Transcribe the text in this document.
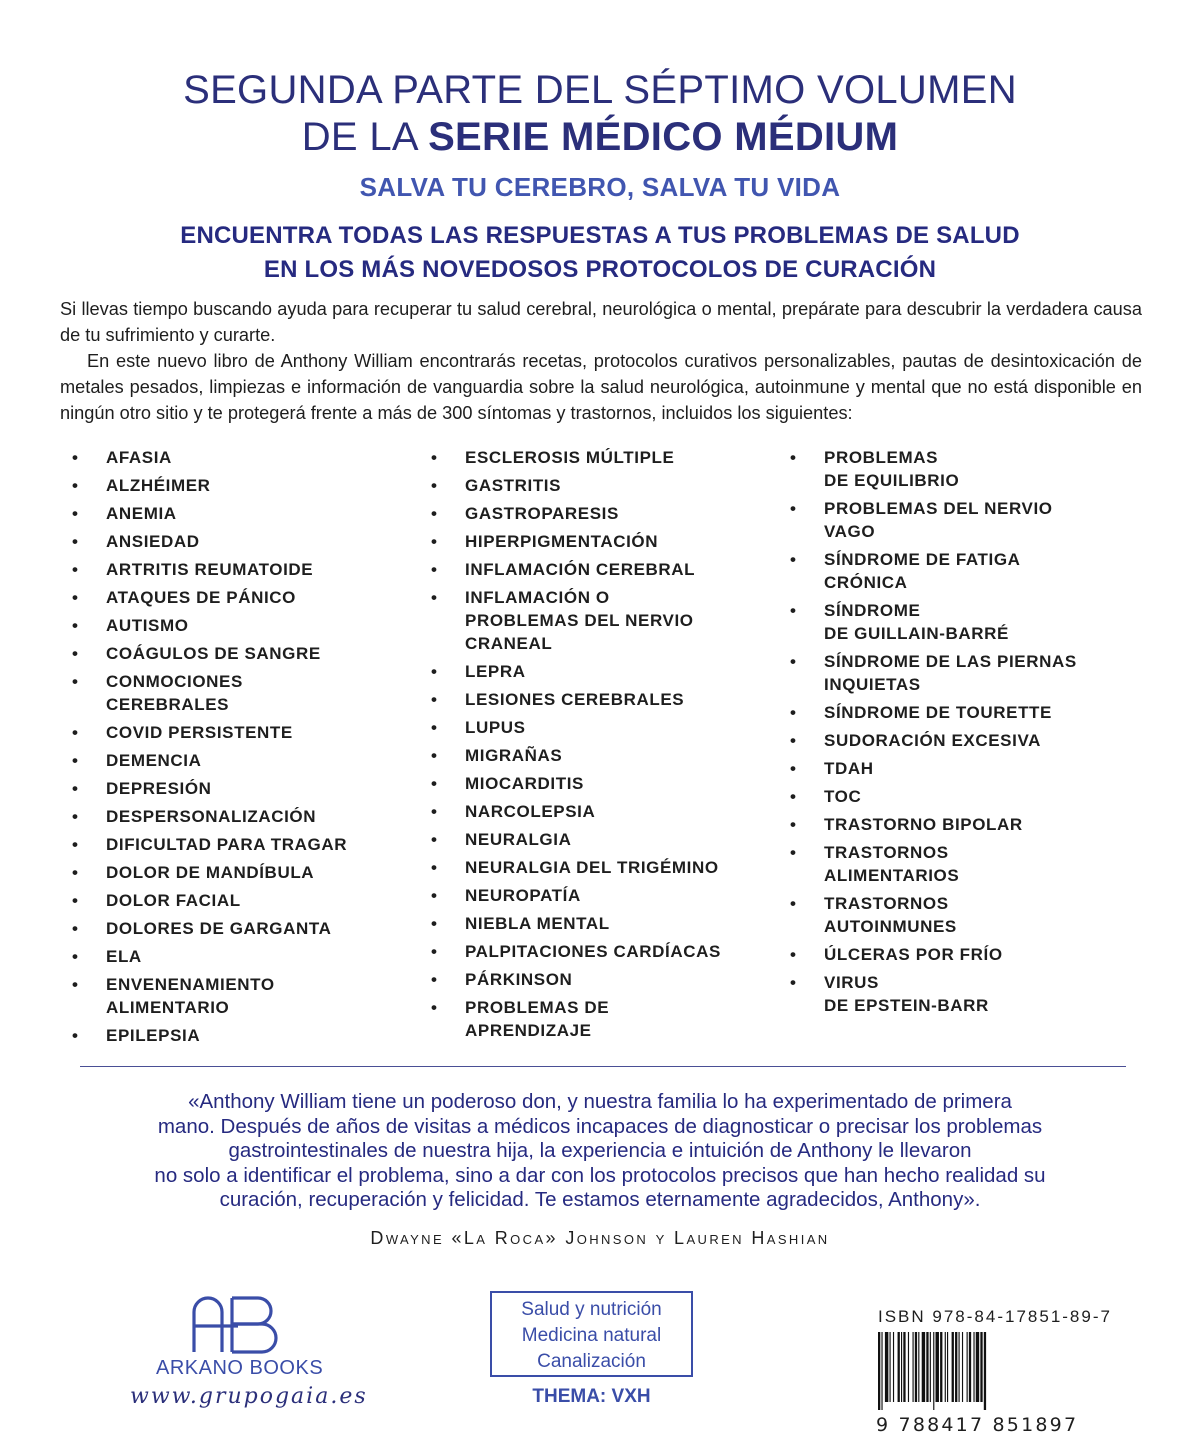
SEGUNDA PARTE DEL SÉPTIMO VOLUMEN
DE LA SERIE MÉDICO MÉDIUM
SALVA TU CEREBRO, SALVA TU VIDA
ENCUENTRA TODAS LAS RESPUESTAS A TUS PROBLEMAS DE SALUD
EN LOS MÁS NOVEDOSOS PROTOCOLOS DE CURACIÓN

Si llevas tiempo buscando ayuda para recuperar tu salud cerebral, neurológica o mental, prepárate para descubrir la verdadera causa de tu sufrimiento y curarte.

En este nuevo libro de Anthony William encontrarás recetas, protocolos curativos personalizables, pautas de desintoxicación de metales pesados, limpiezas e información de vanguardia sobre la salud neurológica, autoinmune y mental que no está disponible en ningún otro sitio y te protegerá frente a más de 300 síntomas y trastornos, incluidos los siguientes:

• AFASIA
• ALZHÉIMER
• ANEMIA
• ANSIEDAD
• ARTRITIS REUMATOIDE
• ATAQUES DE PÁNICO
• AUTISMO
• COÁGULOS DE SANGRE
• CONMOCIONES
CEREBRALES
• COVID PERSISTENTE
• DEMENCIA
• DEPRESIÓN
• DESPERSONALIZACIÓN
• DIFICULTAD PARA TRAGAR
• DOLOR DE MANDÍBULA
• DOLOR FACIAL
• DOLORES DE GARGANTA
• ELA
• ENVENENAMIENTO
ALIMENTARIO
• EPILEPSIA
• ESCLEROSIS MÚLTIPLE
• GASTRITIS
• GASTROPARESIS
• HIPERPIGMENTACIÓN
• INFLAMACIÓN CEREBRAL
• INFLAMACIÓN O
PROBLEMAS DEL NERVIO
CRANEAL
• LEPRA
• LESIONES CEREBRALES
• LUPUS
• MIGRAÑAS
• MIOCARDITIS
• NARCOLEPSIA
• NEURALGIA
• NEURALGIA DEL TRIGÉMINO
• NEUROPATÍA
• NIEBLA MENTAL
• PALPITACIONES CARDÍACAS
• PÁRKINSON
• PROBLEMAS DE
APRENDIZAJE
• PROBLEMAS
DE EQUILIBRIO
• PROBLEMAS DEL NERVIO
VAGO
• SÍNDROME DE FATIGA
CRÓNICA
• SÍNDROME
DE GUILLAIN-BARRÉ
• SÍNDROME DE LAS PIERNAS
INQUIETAS
• SÍNDROME DE TOURETTE
• SUDORACIÓN EXCESIVA
• TDAH
• TOC
• TRASTORNO BIPOLAR
• TRASTORNOS
ALIMENTARIOS
• TRASTORNOS
AUTOINMUNES
• ÚLCERAS POR FRÍO
• VIRUS
DE EPSTEIN-BARR
«Anthony William tiene un poderoso don, y nuestra familia lo ha experimentado de primera
mano. Después de años de visitas a médicos incapaces de diagnosticar o precisar los problemas
gastrointestinales de nuestra hija, la experiencia e intuición de Anthony le llevaron
no solo a identificar el problema, sino a dar con los protocolos precisos que han hecho realidad su
curación, recuperación y felicidad. Te estamos eternamente agradecidos, Anthony».
Dwayne «La Roca» Johnson y Lauren Hashian
ARKANO BOOKS
www.grupogaia.es
Salud y nutrición
Medicina natural
Canalización
THEMA: VXH
ISBN 978-84-17851-89-7
9 788417 851897
